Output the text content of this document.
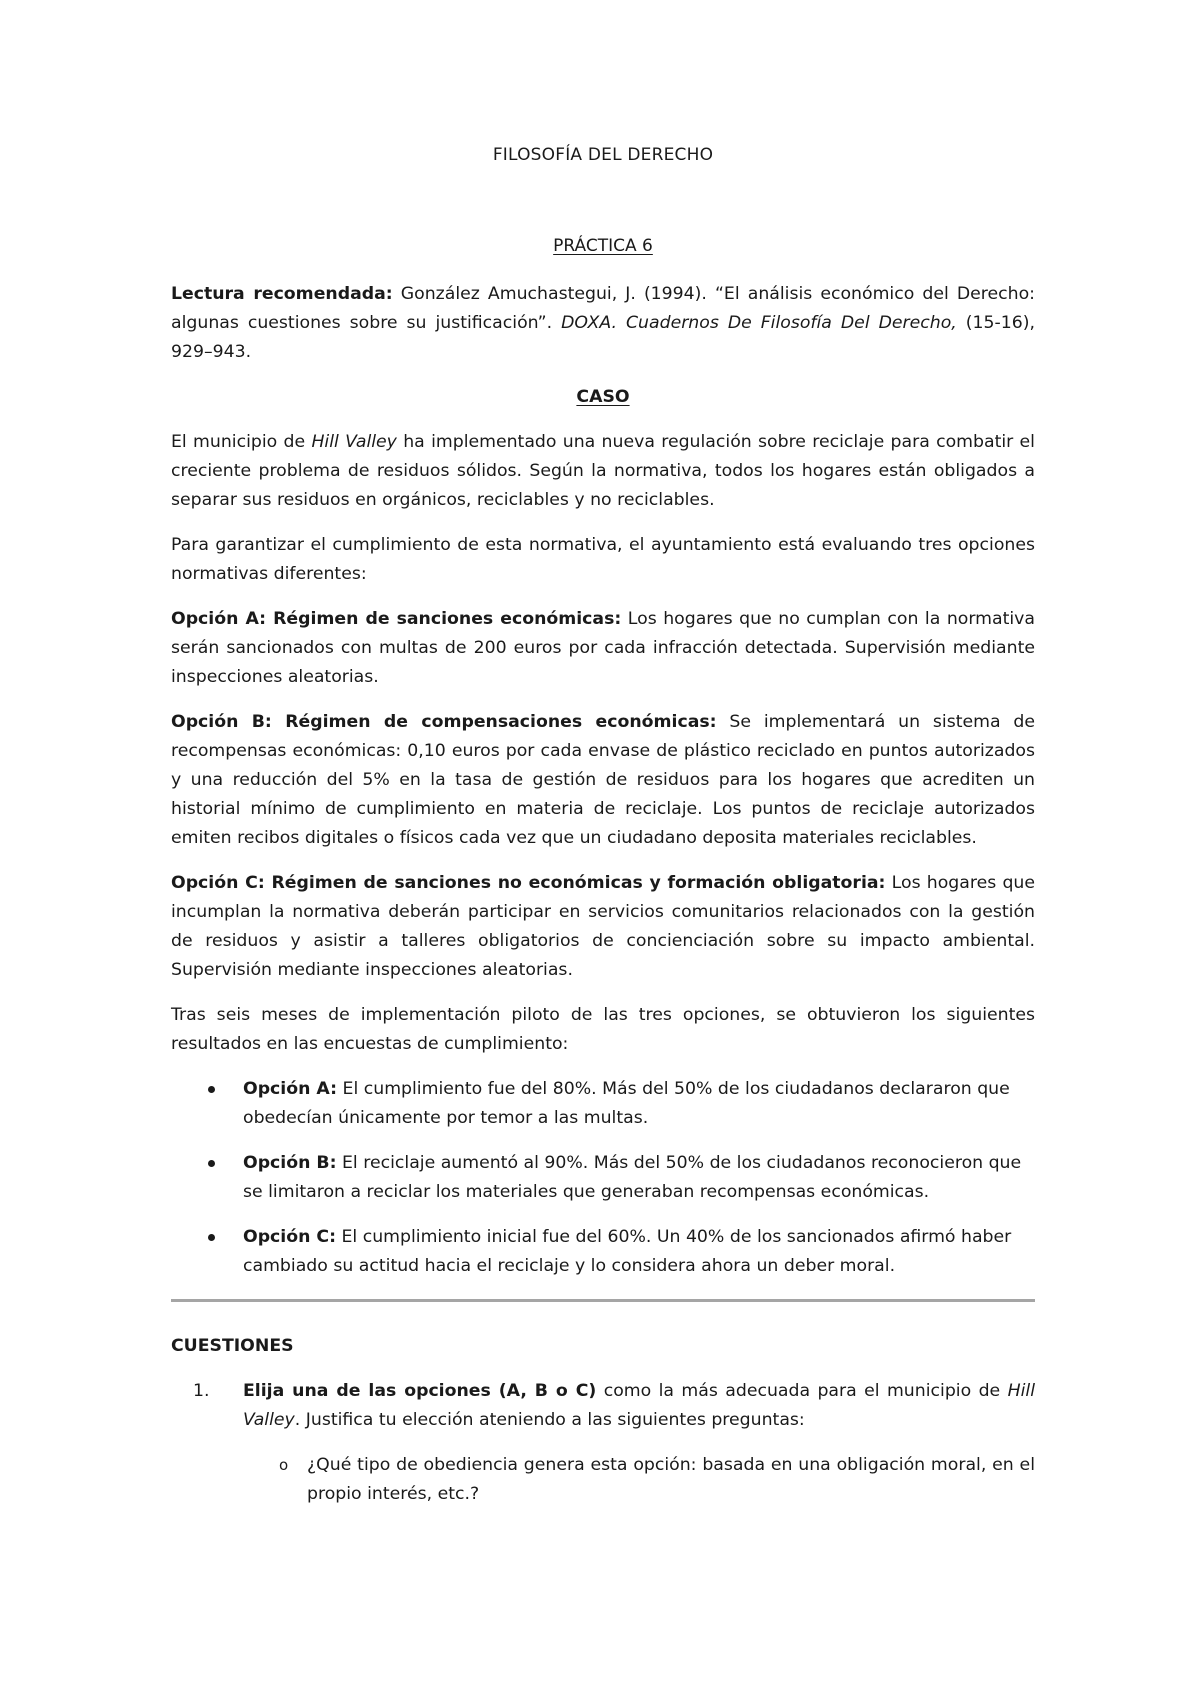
FILOSOFÍA DEL DERECHO
PRÁCTICA 6

Lectura recomendada: González Amuchastegui, J. (1994). “El análisis económico del Derecho: algunas cuestiones sobre su justificación”. DOXA. Cuadernos De Filosofía Del Derecho, (15-16), 929–943.

CASO

El municipio de Hill Valley ha implementado una nueva regulación sobre reciclaje para combatir el creciente problema de residuos sólidos. Según la normativa, todos los hogares están obligados a separar sus residuos en orgánicos, reciclables y no reciclables.

Para garantizar el cumplimiento de esta normativa, el ayuntamiento está evaluando tres opciones normativas diferentes:

Opción A: Régimen de sanciones económicas: Los hogares que no cumplan con la normativa serán sancionados con multas de 200 euros por cada infracción detectada. Supervisión mediante inspecciones aleatorias.

Opción B: Régimen de compensaciones económicas: Se implementará un sistema de recompensas económicas: 0,10 euros por cada envase de plástico reciclado en puntos autorizados y una reducción del 5% en la tasa de gestión de residuos para los hogares que acrediten un historial mínimo de cumplimiento en materia de reciclaje. Los puntos de reciclaje autorizados emiten recibos digitales o físicos cada vez que un ciudadano deposita materiales reciclables.

Opción C: Régimen de sanciones no económicas y formación obligatoria: Los hogares que incumplan la normativa deberán participar en servicios comunitarios relacionados con la gestión de residuos y asistir a talleres obligatorios de concienciación sobre su impacto ambiental. Supervisión mediante inspecciones aleatorias.

Tras seis meses de implementación piloto de las tres opciones, se obtuvieron los siguientes resultados en las encuestas de cumplimiento:

Opción A: El cumplimiento fue del 80%. Más del 50% de los ciudadanos declararon que obedecían únicamente por temor a las multas.
Opción B: El reciclaje aumentó al 90%. Más del 50% de los ciudadanos reconocieron que se limitaron a reciclar los materiales que generaban recompensas económicas.
Opción C: El cumplimiento inicial fue del 60%. Un 40% de los sancionados afirmó haber cambiado su actitud hacia el reciclaje y lo considera ahora un deber moral.

CUESTIONES

1. Elija una de las opciones (A, B o C) como la más adecuada para el municipio de Hill Valley. Justifica tu elección ateniendo a las siguientes preguntas:

o ¿Qué tipo de obediencia genera esta opción: basada en una obligación moral, en el propio interés, etc.?
